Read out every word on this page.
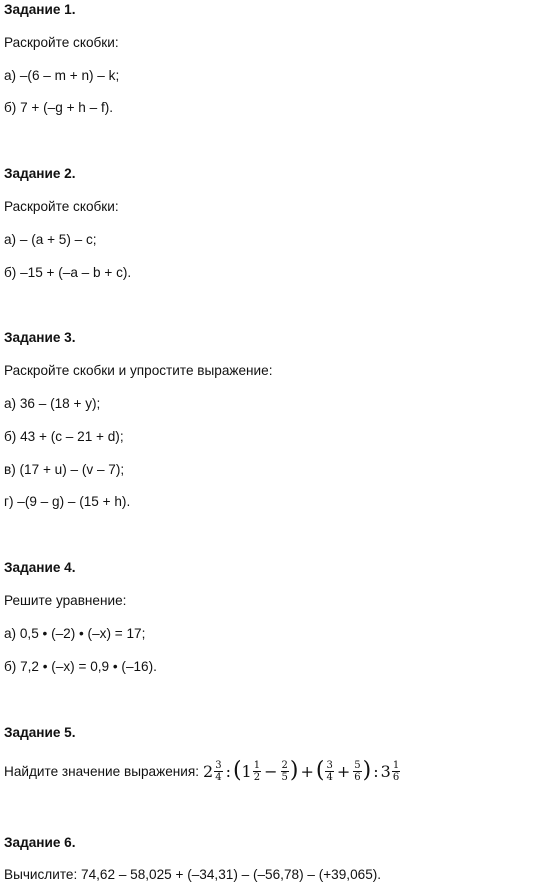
Задание 1.
Раскройте скобки:
а) –(6 – m + n) – k;
б) 7 + (–g + h – f).
Задание 2.
Раскройте скобки:
а) – (a + 5) – c;
б) –15 + (–a – b + c).
Задание 3.
Раскройте скобки и упростите выражение:
а) 36 – (18 + y);
б) 43 + (c – 21 + d);
в) (17 + u) – (v – 7);
г) –(9 – g) – (15 + h).
Задание 4.
Решите уравнение:
а) 0,5 • (–2) • (–x) = 17;
б) 7,2 • (–x) = 0,9 • (–16).
Задание 5.
Найдите значение выражения: $2 \frac{3}{4}$ : ( $1 \frac{1}{2} - \frac{2}{5}$ ) + ( $\frac{3}{4} + \frac{5}{6}$ ) : $3 \frac{1}{6}$
Задание 6.
Вычислите: 74,62 – 58,025 + (–34,31) – (–56,78) – (+39,065).
